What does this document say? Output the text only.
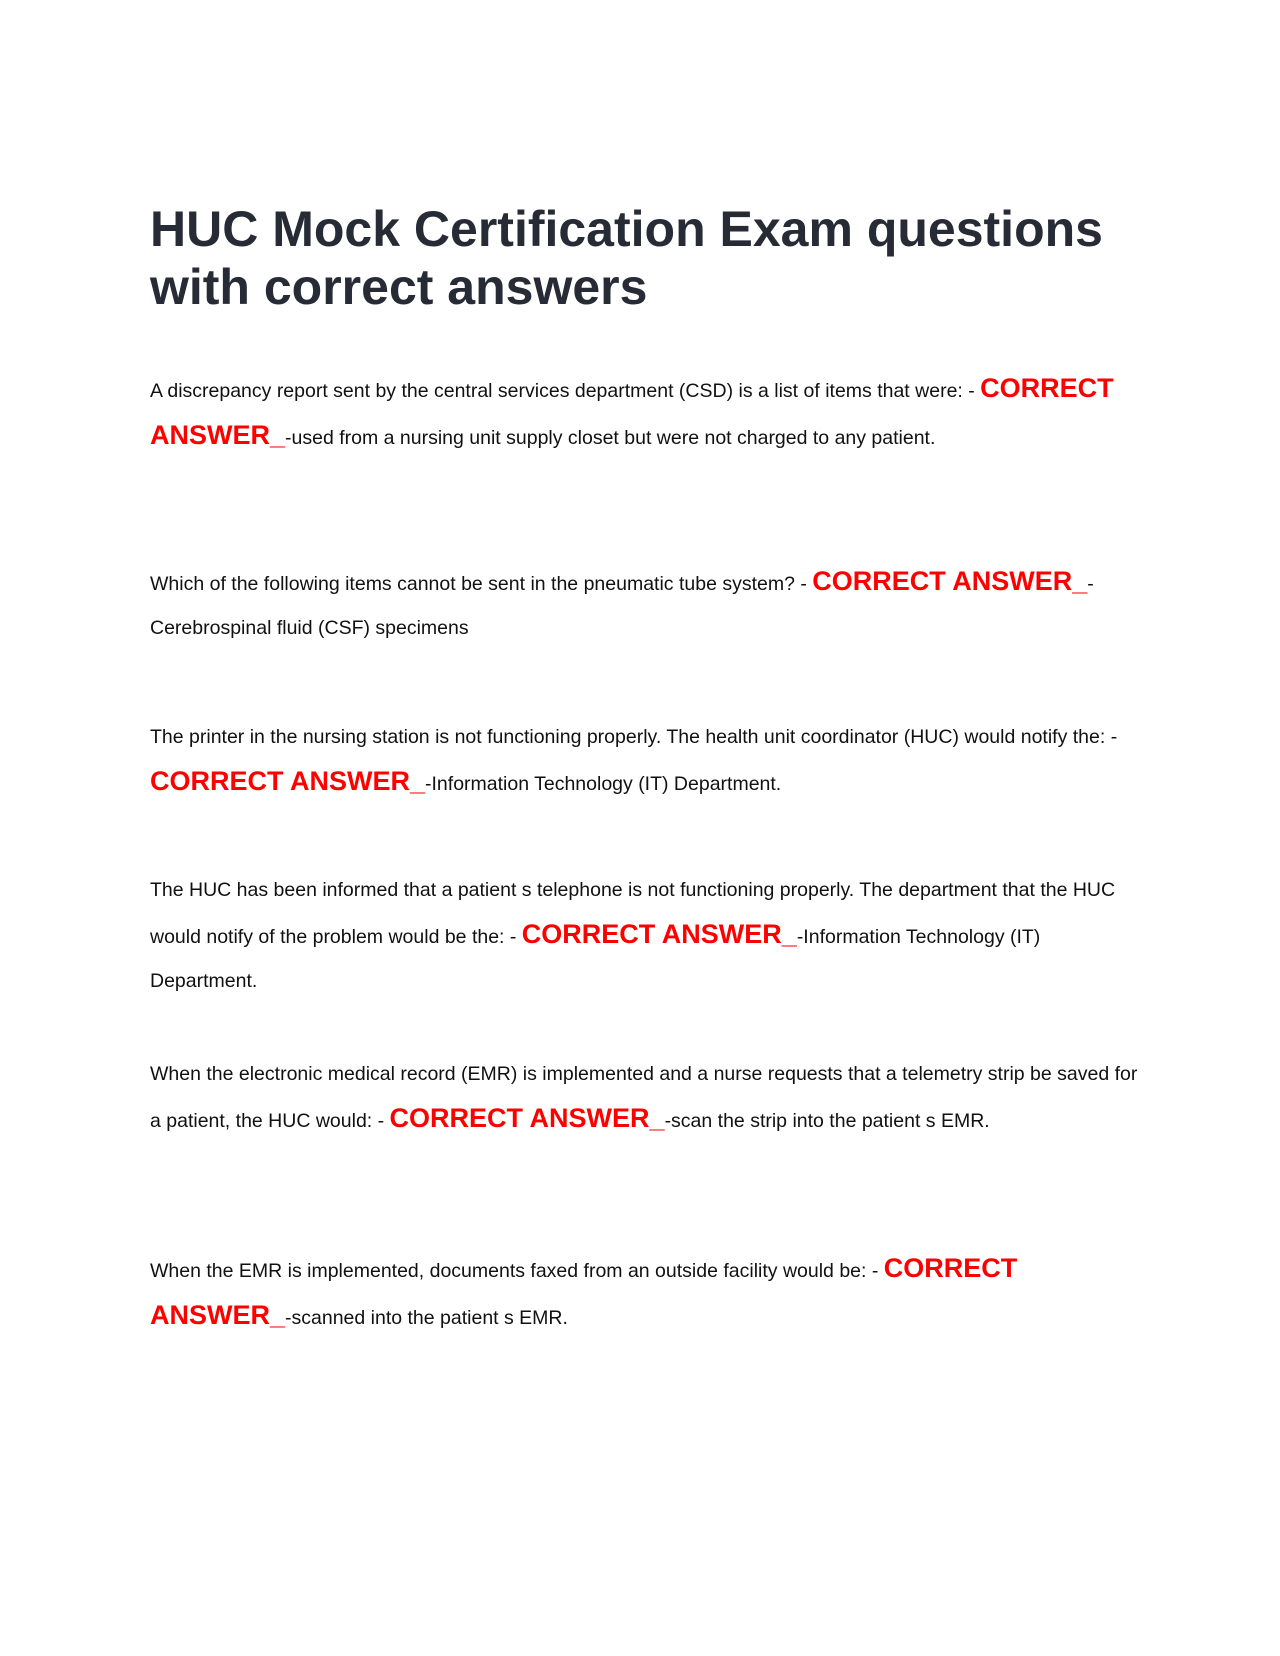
HUC Mock Certification Exam questions with correct answers

A discrepancy report sent by the central services department (CSD) is a list of items that were: - CORRECT ANSWER_-used from a nursing unit supply closet but were not charged to any patient.

Which of the following items cannot be sent in the pneumatic tube system? - CORRECT ANSWER_-Cerebrospinal fluid (CSF) specimens

The printer in the nursing station is not functioning properly. The health unit coordinator (HUC) would notify the: - CORRECT ANSWER_-Information Technology (IT) Department.

The HUC has been informed that a patient s telephone is not functioning properly. The department that the HUC would notify of the problem would be the: - CORRECT ANSWER_-Information Technology (IT) Department.

When the electronic medical record (EMR) is implemented and a nurse requests that a telemetry strip be saved for a patient, the HUC would: - CORRECT ANSWER_-scan the strip into the patient s EMR.

When the EMR is implemented, documents faxed from an outside facility would be: - CORRECT ANSWER_-scanned into the patient s EMR.
